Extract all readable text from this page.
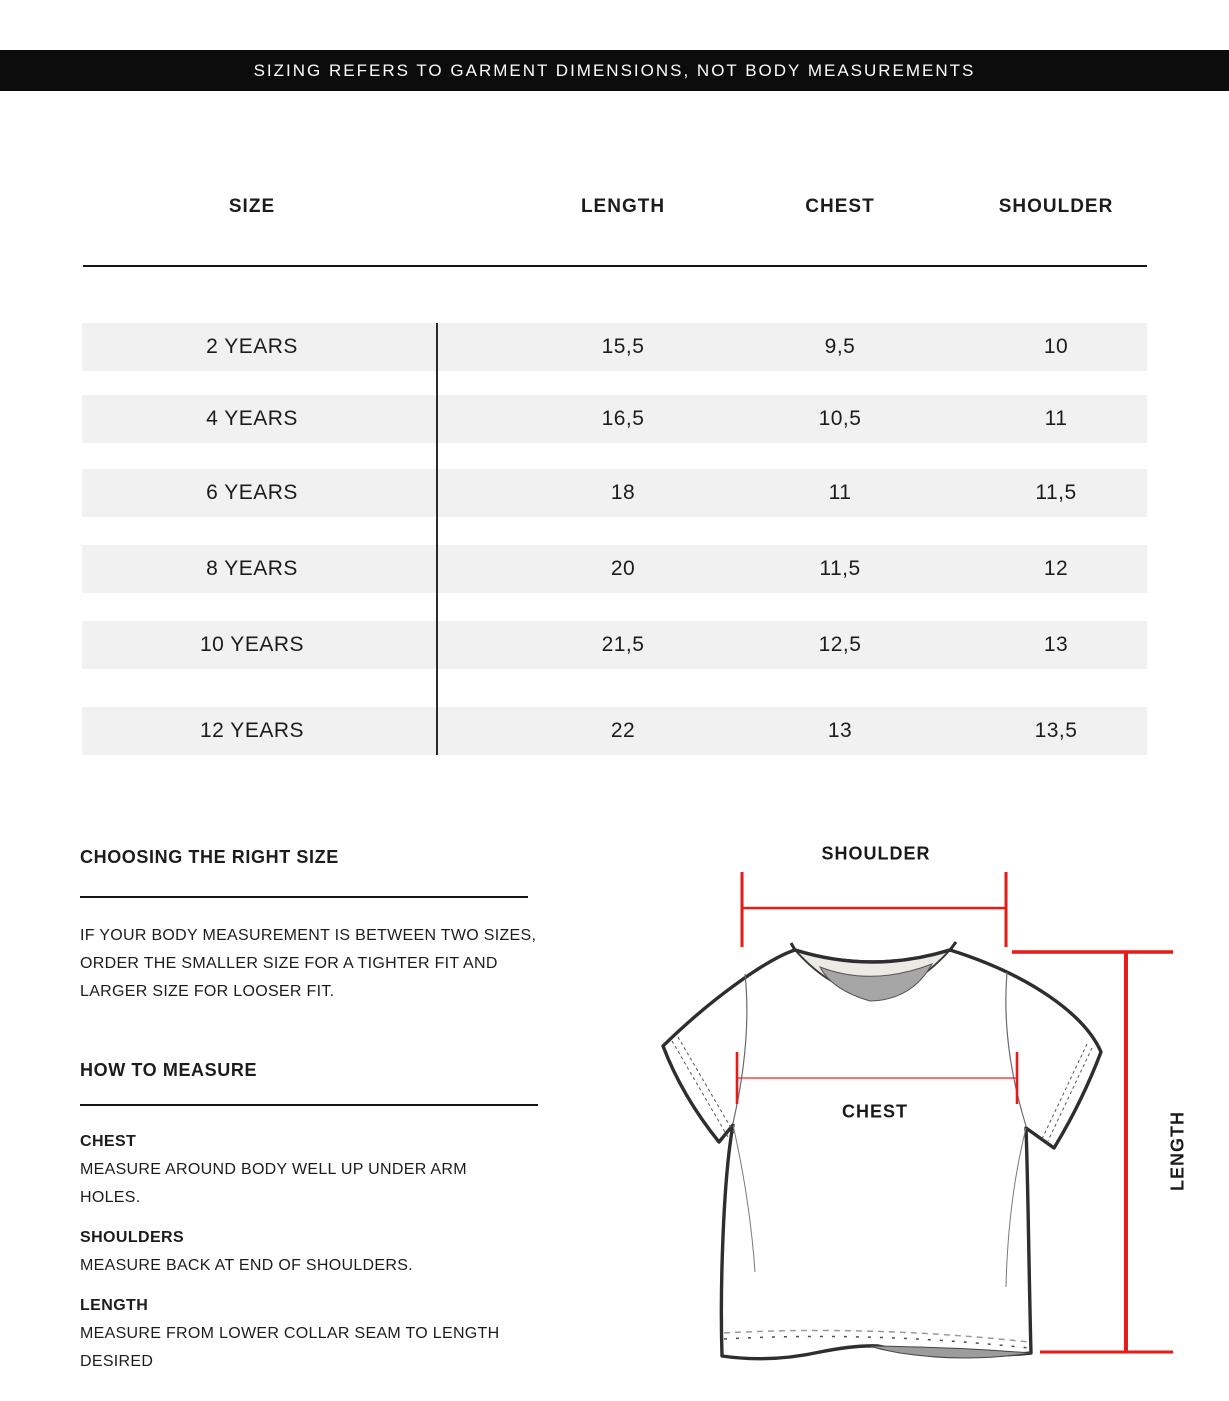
SIZING REFERS TO GARMENT DIMENSIONS, NOT BODY MEASUREMENTS
SIZE	LENGTH	CHEST	SHOULDER
2 YEARS	15,5	9,5	10
4 YEARS	16,5	10,5	11
6 YEARS	18	11	11,5
8 YEARS	20	11,5	12
10 YEARS	21,5	12,5	13
12 YEARS	22	13	13,5
CHOOSING THE RIGHT SIZE
IF YOUR BODY MEASUREMENT IS BETWEEN TWO SIZES, ORDER THE SMALLER SIZE FOR A TIGHTER FIT AND LARGER SIZE FOR LOOSER FIT.
HOW TO MEASURE
CHEST
MEASURE AROUND BODY WELL UP UNDER ARM HOLES.
SHOULDERS
MEASURE BACK AT END OF SHOULDERS.
LENGTH
MEASURE FROM LOWER COLLAR SEAM TO LENGTH DESIRED
SHOULDER
CHEST	LENGTH
